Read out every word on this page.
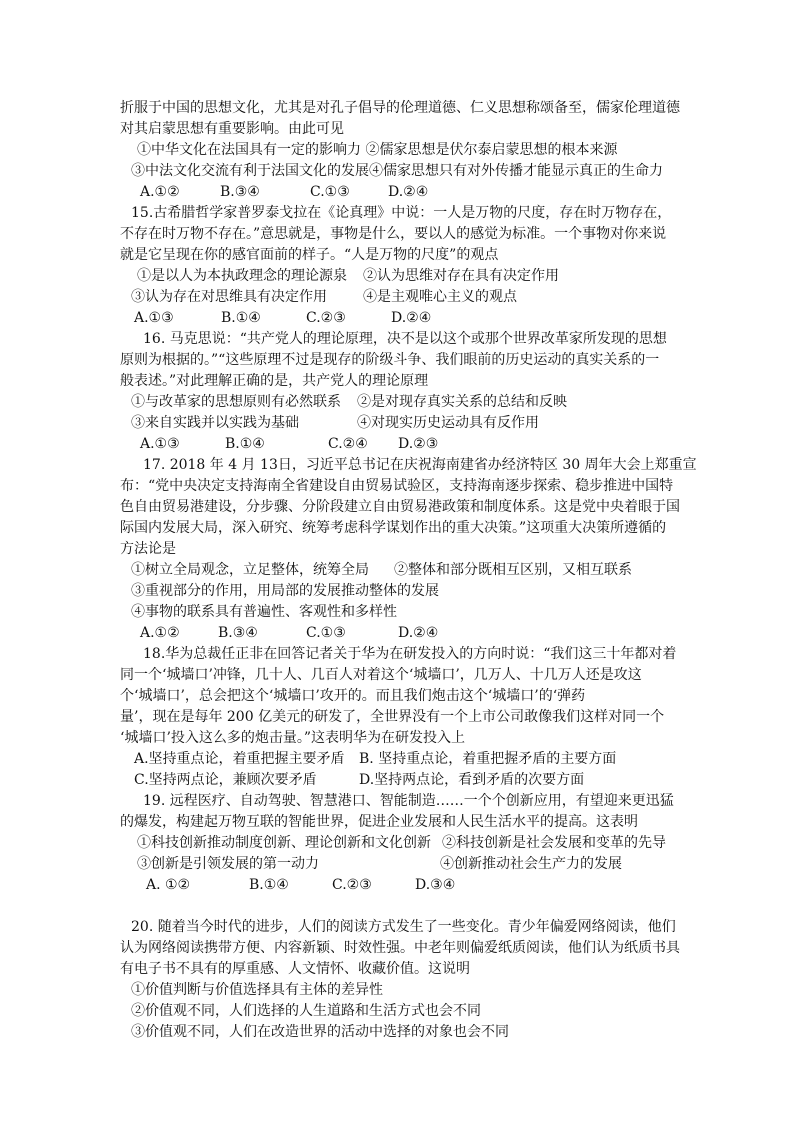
折服于中国的思想文化，尤其是对孔子倡导的伦理道德、仁义思想称颂备至，儒家伦理道德
对其启蒙思想有重要影响。由此可见
①中华文化在法国具有一定的影响力 ②儒家思想是伏尔泰启蒙思想的根本来源
③中法文化交流有利于法国文化的发展④儒家思想只有对外传播才能显示真正的生命力
A.①②	B.③④	C.①③	D.②④
15.古希腊哲学家普罗泰戈拉在《论真理》中说：一人是万物的尺度，存在时万物存在，
不存在时万物不存在。”意思就是，事物是什么，要以人的感觉为标准。一个事物对你来说
就是它呈现在你的感官面前的样子。“人是万物的尺度”的观点
①是以人为本执政理念的理论源泉 ②认为思维对存在具有决定作用
③认为存在对思维具有决定作用	④是主观唯心主义的观点
A.①③	B.①④	C.②③	D.②④
16. 马克思说：“共产党人的理论原理，决不是以这个或那个世界改革家所发现的思想
原则为根据的。”“这些原理不过是现存的阶级斗争、我们眼前的历史运动的真实关系的一
般表述。”对此理解正确的是，共产党人的理论原理
①与改革家的思想原则有必然联系 ②是对现存真实关系的总结和反映
③来自实践并以实践为基础	④对现实历史运动具有反作用
A.①③	B.①④	C.②④ D.②③
17. 2018 年 4 月 13日，习近平总书记在庆祝海南建省办经济特区 30 周年大会上郑重宣
布：“党中央决定支持海南全省建设自由贸易试验区，支持海南逐步探索、稳步推进中国特
色自由贸易港建设，分步骤、分阶段建立自由贸易港政策和制度体系。这是党中央着眼于国
际国内发展大局，深入研究、统筹考虑科学谋划作出的重大决策。”这项重大决策所遵循的
方法论是
①树立全局观念，立足整体，统筹全局 ②整体和部分既相互区别，又相互联系
③重视部分的作用，用局部的发展推动整体的发展
④事物的联系具有普遍性、客观性和多样性
A.①②	B.③④	C.①③	D.②④
18.华为总裁任正非在回答记者关于华为在研发投入的方向时说：“我们这三十年都对着
同一个‘城墙口’冲锋，几十人、几百人对着这个‘城墙口’，几万人、十几万人还是攻这
个‘城墙口’，总会把这个‘城墙口’攻开的。而且我们炮击这个‘城墙口’的‘弹药
量’，现在是每年 200 亿美元的研发了，全世界没有一个上市公司敢像我们这样对同一个
‘城墙口’投入这么多的炮击量。”这表明华为在研发投入上
A.坚持重点论，着重把握主要矛盾 B. 坚持重点论，着重把握矛盾的主要方面
C.坚持两点论，兼顾次要矛盾	D.坚持两点论，看到矛盾的次要方面
19. 远程医疗、自动驾驶、智慧港口、智能制造……一个个创新应用，有望迎来更迅猛
的爆发，构建起万物互联的智能世界，促进企业发展和人民生活水平的提高。这表明
①科技创新推动制度创新、理论创新和文化创新 ②科技创新是社会发展和变革的先导
③创新是引领发展的第一动力	④创新推动社会生产力的发展
A. ①②	B.①④	C.②③	D.③④
20. 随着当今时代的进步，人们的阅读方式发生了一些变化。青少年偏爱网络阅读，他们
认为网络阅读携带方便、内容新颖、时效性强。中老年则偏爱纸质阅读，他们认为纸质书具
有电子书不具有的厚重感、人文情怀、收藏价值。这说明
①价值判断与价值选择具有主体的差异性
②价值观不同，人们选择的人生道路和生活方式也会不同
③价值观不同，人们在改造世界的活动中选择的对象也会不同
